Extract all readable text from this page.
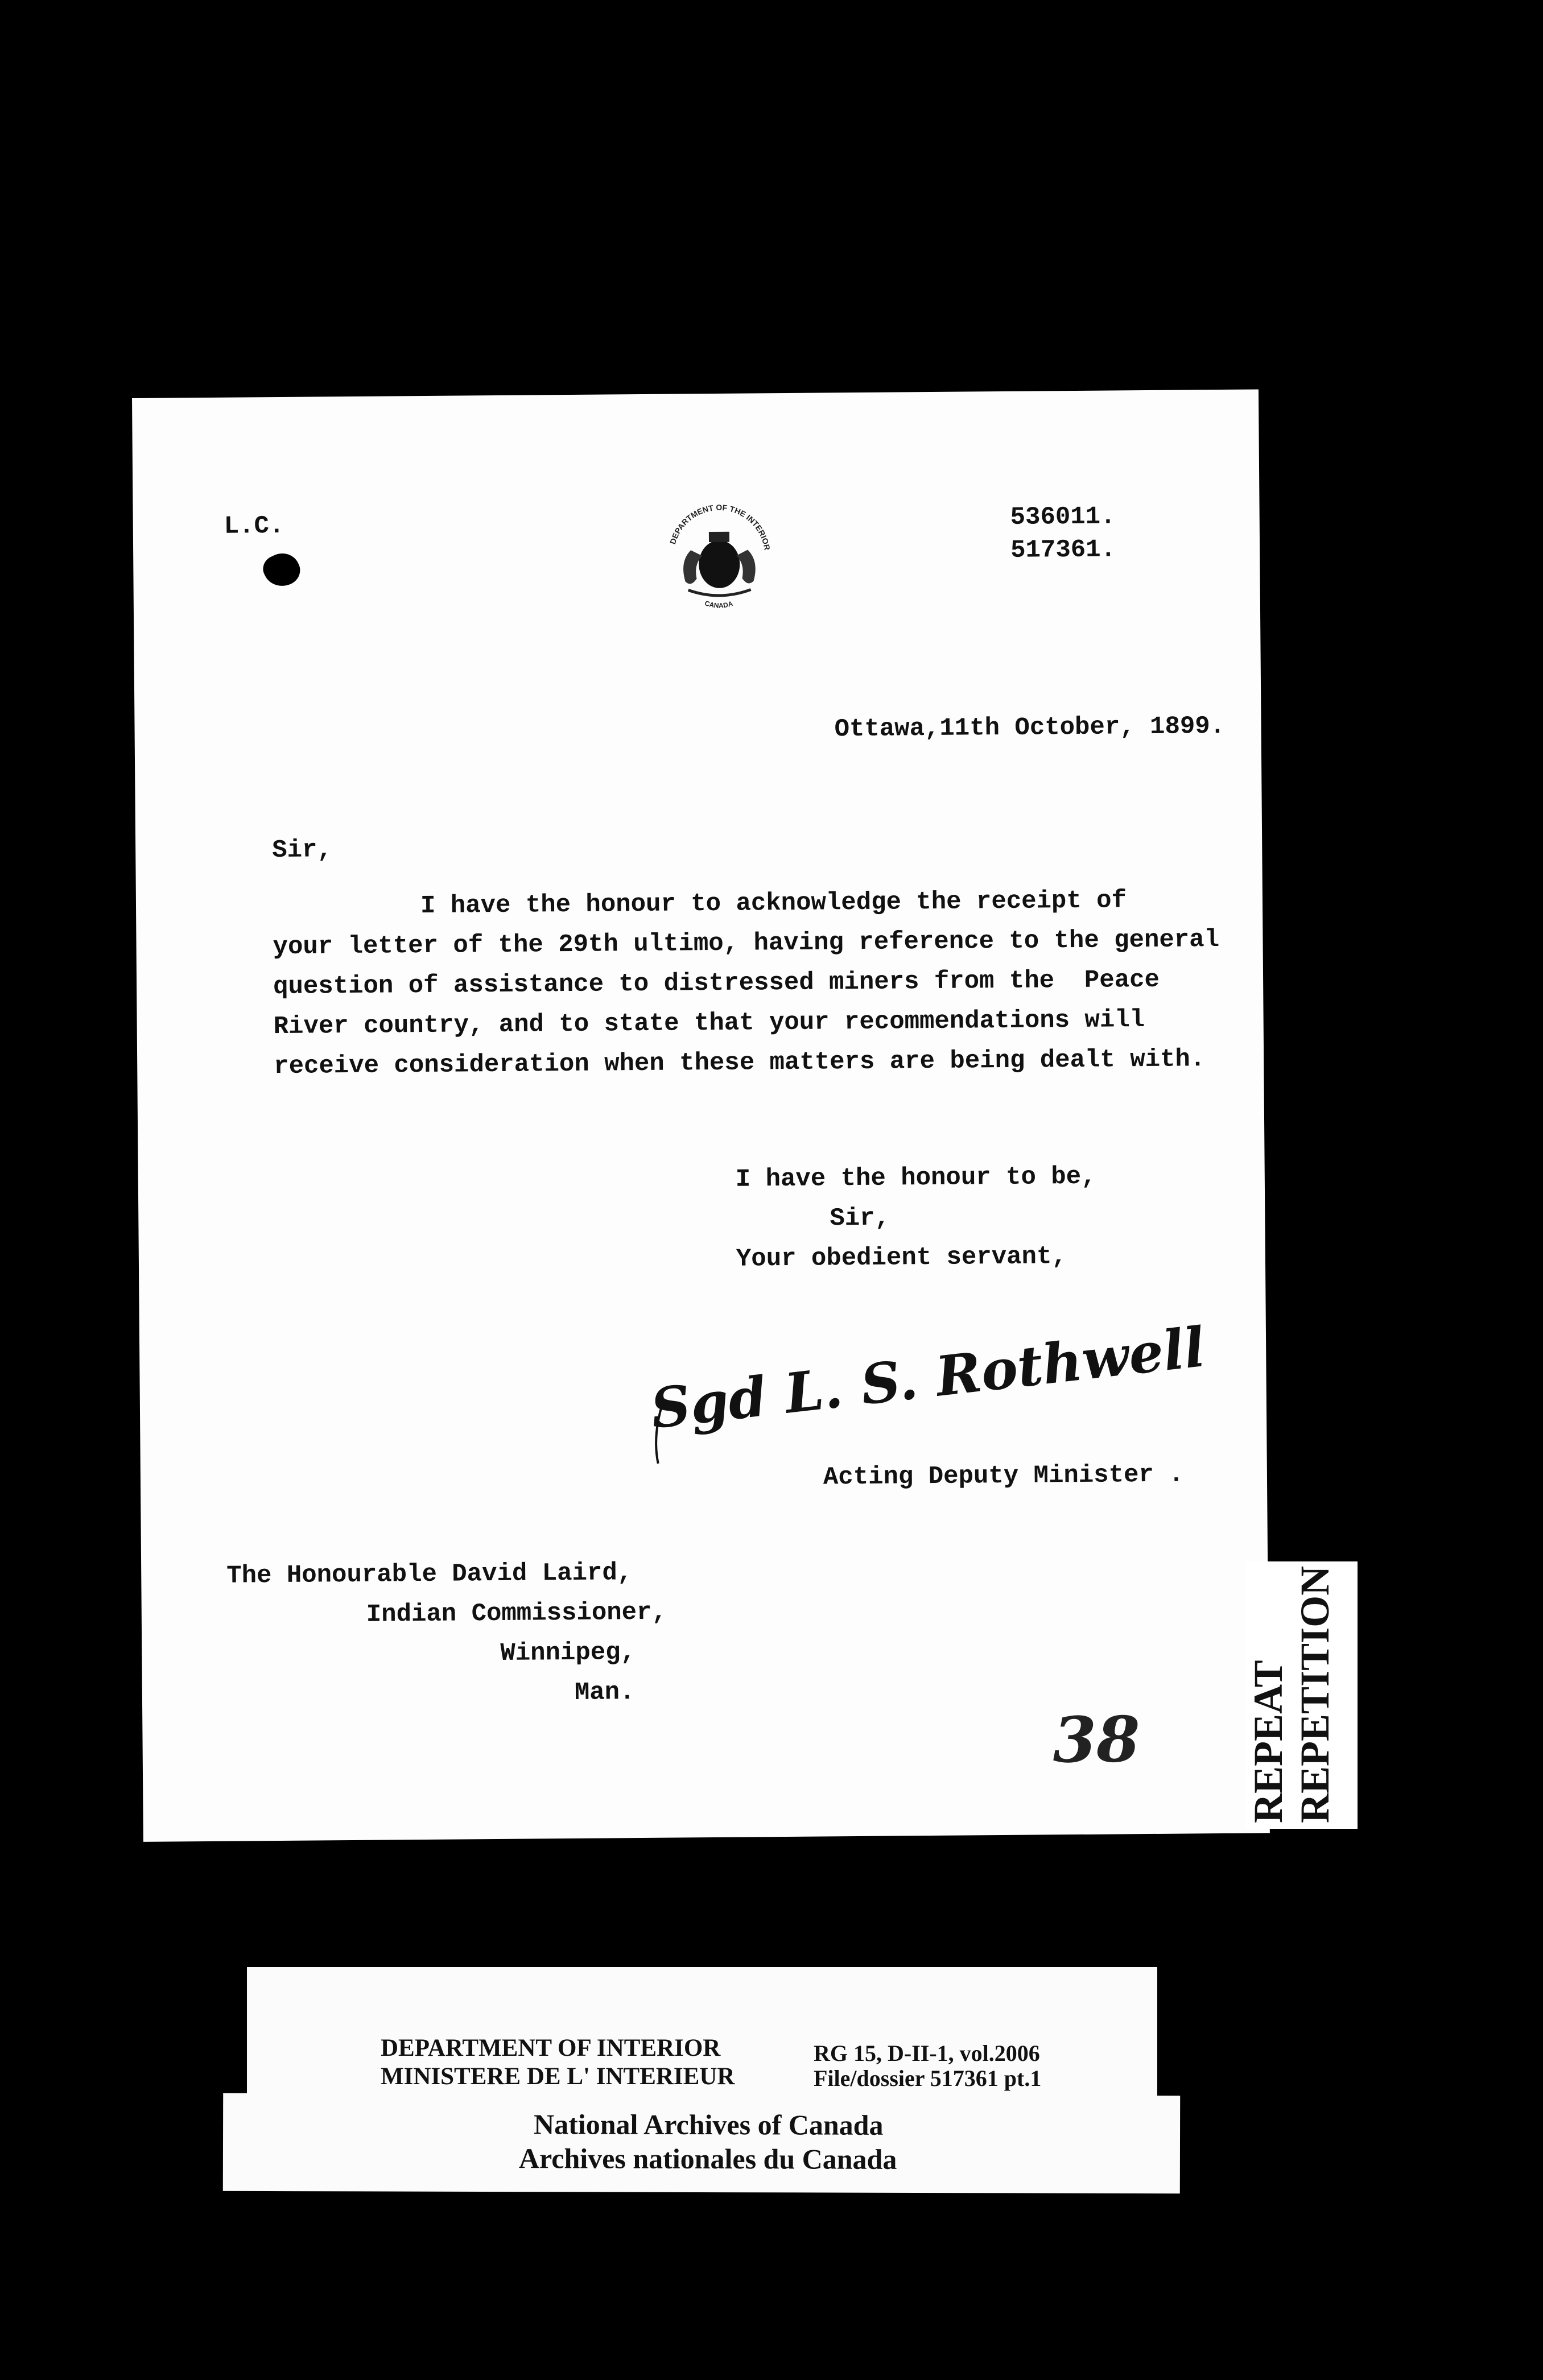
L.C.
DEPARTMENT OF THE INTERIOR
CANADA
536011.
517361.
Ottawa,11th October, 1899.
Sir,
I have the honour to acknowledge the receipt of
your letter of the 29th ultimo, having reference to the general
question of assistance to distressed miners from the  Peace
River country, and to state that your recommendations will
receive consideration when these matters are being dealt with.
I have the honour to be,
Sir,
Your obedient servant,
Sgd L. S. Rothwell
Acting Deputy Minister .
The Honourable David Laird,
Indian Commissioner,
Winnipeg,
Man.
38	REPEAT REPETITION
DEPARTMENT OF INTERIOR
MINISTERE DE L' INTERIEUR
RG 15, D-II-1, vol.2006
File/dossier 517361 pt.1
National Archives of Canada
Archives nationales du Canada
